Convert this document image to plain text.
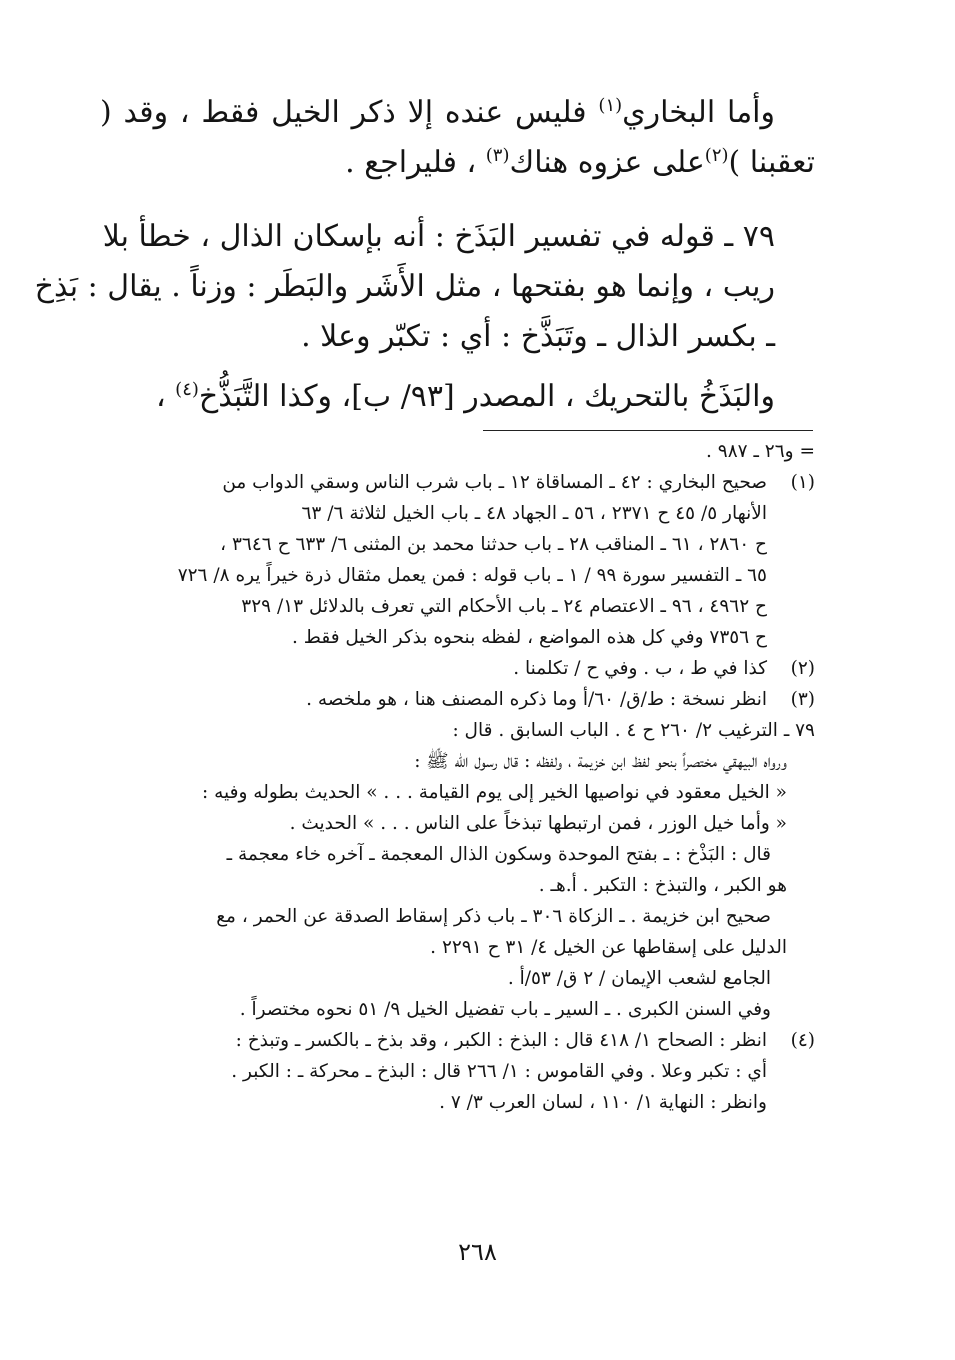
وأما البخاري$^{(١)}$ فليس عنده إلا ذكر الخيل فقط ، وقد ( تعقبنا )$^{(٢)}$على عزوه هناك$^{(٣)}$ ، فليراجع .

٧٩ ـ قوله في تفسير البَذَخ : أنه بإسكان الذال ، خطأ بلا
ريب ، وإنما هو بفتحها ، مثل الأَشَر والبَطَر : وزناً . يقال : بَذِخ
ـ بكسر الذال ـ وتَبَذَّخ : أي : تكبّر وعلا .

والبَذَخُ بالتحريك ، المصدر [٩٣/ ب]، وكذا التَّبَذُّخ$^{(٤)}$ ،

= و٢٦ ـ ٩٨٧ .
(١)
صحيح البخاري : ٤٢ ـ المساقاة ١٢ ـ باب شرب الناس وسقي الدواب من
الأنهار ٥/ ٤٥ ح ٢٣٧١ ، ٥٦ ـ الجهاد ٤٨ ـ باب الخيل لثلاثة ٦/ ٦٣
ح ٢٨٦٠ ، ٦١ ـ المناقب ٢٨ ـ باب حدثنا محمد بن المثنى ٦/ ٦٣٣ ح ٣٦٤٦ ،
٦٥ ـ التفسير سورة ٩٩ / ١ ـ باب قوله : فمن يعمل مثقال ذرة خيراً يره ٨/ ٧٢٦
ح ٤٩٦٢ ، ٩٦ ـ الاعتصام ٢٤ ـ باب الأحكام التي تعرف بالدلائل ١٣/ ٣٢٩
ح ٧٣٥٦ وفي كل هذه المواضع ، لفظه بنحوه بذكر الخيل فقط .
(٢)
كذا في ط ، ب . وفي ح / تكلمنا .
(٣)
انظر نسخة : ط/ق/ ٦٠/أ وما ذكره المصنف هنا ، هو ملخصه .
٧٩ ـ الترغيب ٢/ ٢٦٠ ح ٤ . الباب السابق . قال :
ورواه البيهقي مختصراً بنحو لفظ ابن خزيمة ، ولفظه : قال رسول الله ﷺ :
« الخيل معقود في نواصيها الخير إلى يوم القيامة . . . » الحديث بطوله وفيه :
« وأما خيل الوزر ، فمن ارتبطها تبذخاً على الناس . . . » الحديث .
قال : البَذْخ : ـ بفتح الموحدة وسكون الذال المعجمة ـ آخره خاء معجمة ـ
هو الكبر ، والتبذخ : التكبر . أ.هـ .
صحيح ابن خزيمة . ـ الزكاة ٣٠٦ ـ باب ذكر إسقاط الصدقة عن الحمر ، مع
الدليل على إسقاطها عن الخيل ٤/ ٣١ ح ٢٢٩١ .
الجامع لشعب الإيمان / ٢ ق/ ٥٣/أ .
وفي السنن الكبرى . ـ السير ـ باب تفضيل الخيل ٩/ ٥١ نحوه مختصراً .
(٤)
انظر : الصحاح ١/ ٤١٨ قال : البذخ : الكبر ، وقد بذخ ـ بالكسر ـ وتبذخ :
أي : تكبر وعلا . وفي القاموس : ١/ ٢٦٦ قال : البذخ ـ محركة ـ : الكبر .
وانظر : النهاية ١/ ١١٠ ، لسان العرب ٣/ ٧ .
٢٦٨
